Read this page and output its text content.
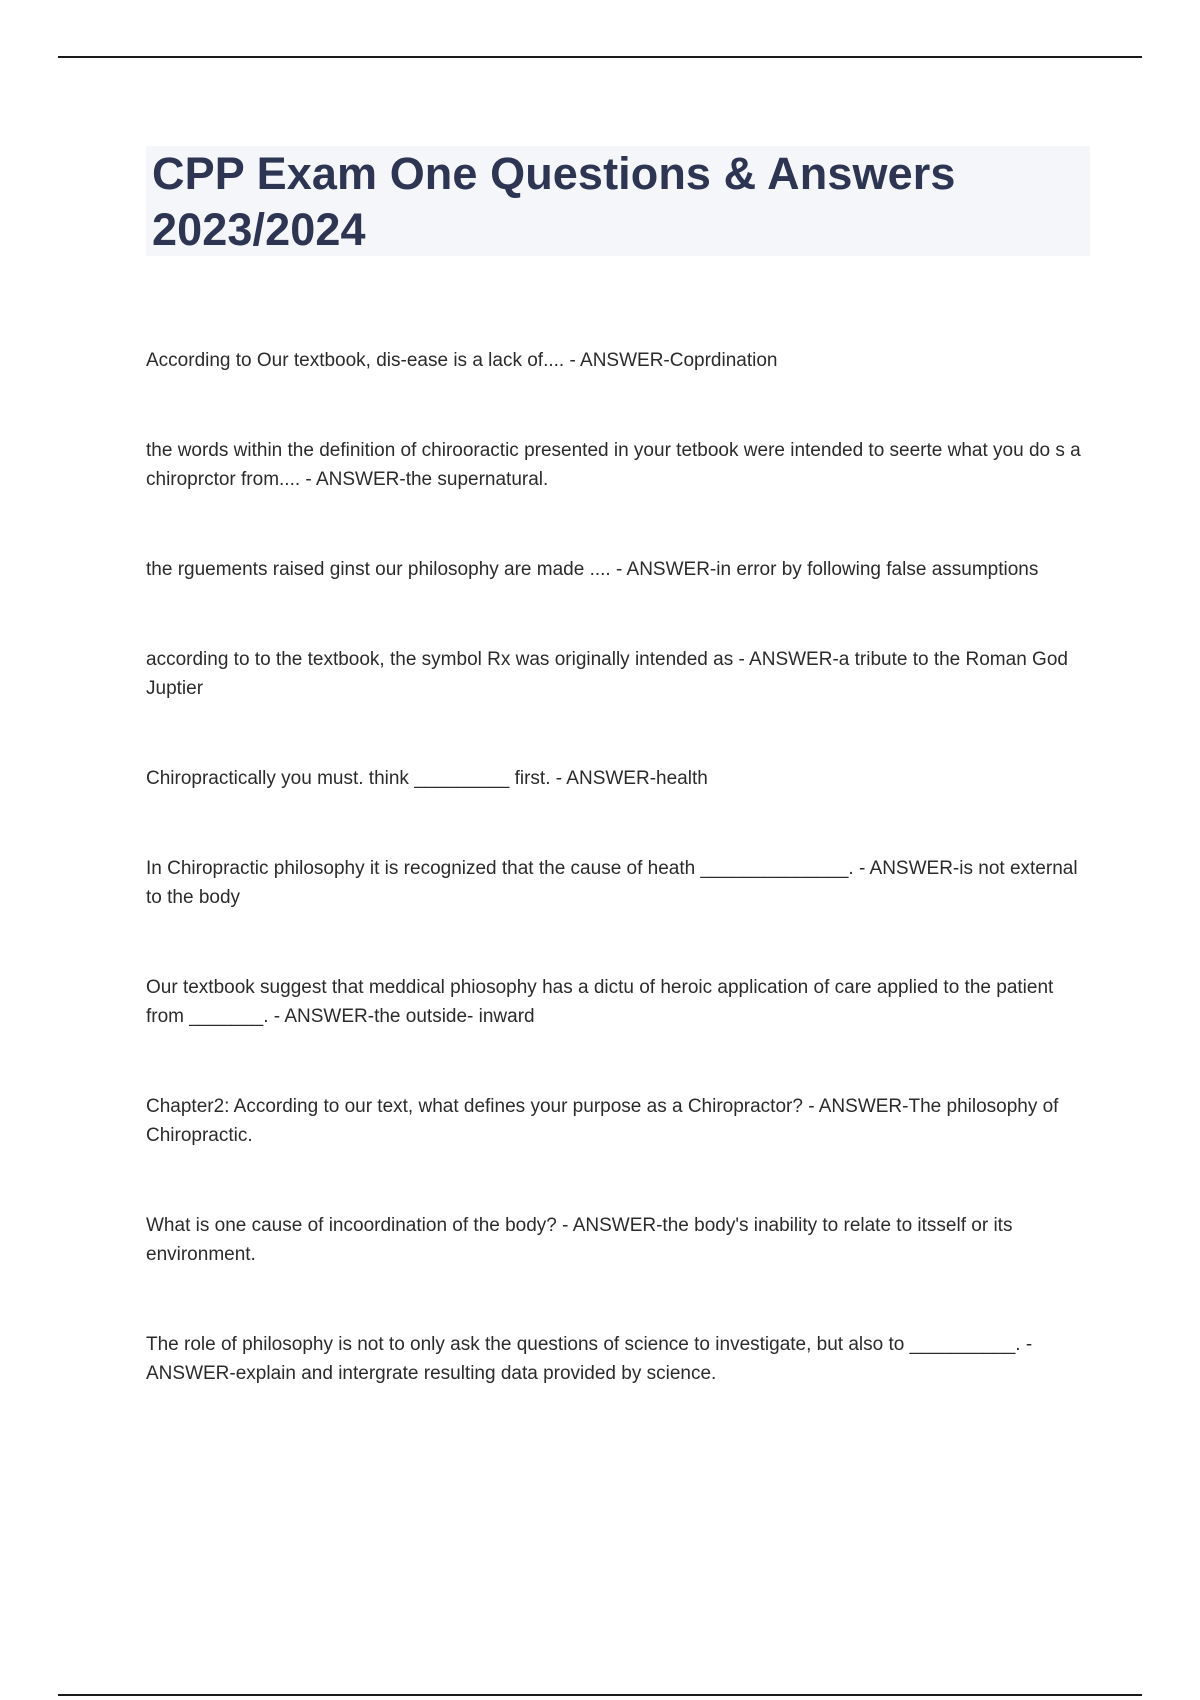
CPP Exam One Questions & Answers 2023/2024
According to Our textbook, dis-ease is a lack of.... - ANSWER-Coprdination
the words within the definition of chirooractic presented in your tetbook were intended to seerte what you do s a chiroprctor from.... - ANSWER-the supernatural.
the rguements raised ginst our philosophy are made .... - ANSWER-in error by following false assumptions
according to to the textbook, the symbol Rx was originally intended as - ANSWER-a tribute to the Roman God Juptier
Chiropractically you must. think _________ first. - ANSWER-health
In Chiropractic philosophy it is recognized that the cause of heath ______________. - ANSWER-is not external to the body
Our textbook suggest that meddical phiosophy has a dictu of heroic application of care applied to the patient from _______. - ANSWER-the outside- inward
Chapter2: According to our text, what defines your purpose as a Chiropractor? - ANSWER-The philosophy of Chiropractic.
What is one cause of incoordination of the body? - ANSWER-the body's inability to relate to itsself or its environment.
The role of philosophy is not to only ask the questions of science to investigate, but also to __________. - ANSWER-explain and intergrate resulting data provided by science.
